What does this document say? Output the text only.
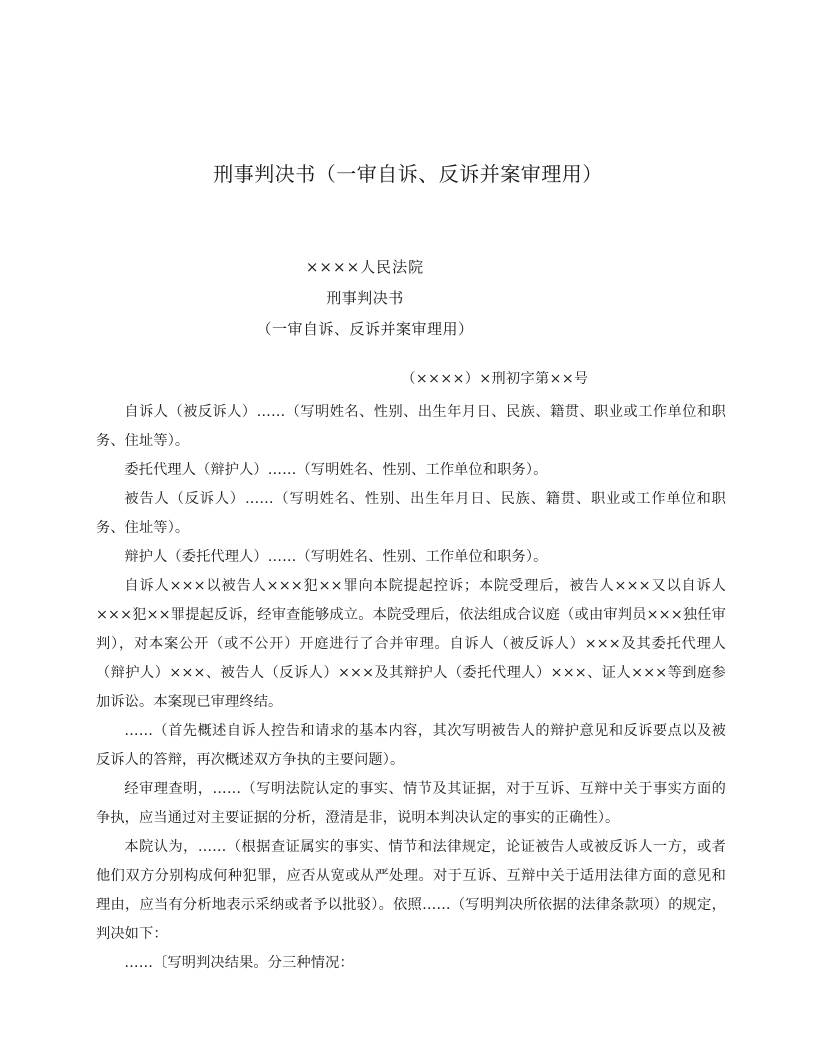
刑事判决书（一审自诉、反诉并案审理用）
××××人民法院
刑事判决书
（一审自诉、反诉并案审理用）
（××××）×刑初字第××号

自诉人（被反诉人）……（写明姓名、性别、出生年月日、民族、籍贯、职业或工作单位和职务、住址等）。

委托代理人（辩护人）……（写明姓名、性别、工作单位和职务）。

被告人（反诉人）……（写明姓名、性别、出生年月日、民族、籍贯、职业或工作单位和职务、住址等）。

辩护人（委托代理人）……（写明姓名、性别、工作单位和职务）。

自诉人×××以被告人×××犯××罪向本院提起控诉；本院受理后，被告人×××又以自诉人×××犯××罪提起反诉，经审查能够成立。本院受理后，依法组成合议庭（或由审判员×××独任审判），对本案公开（或不公开）开庭进行了合并审理。自诉人（被反诉人）×××及其委托代理人（辩护人）×××、被告人（反诉人）×××及其辩护人（委托代理人）×××、证人×××等到庭参加诉讼。本案现已审理终结。

……（首先概述自诉人控告和请求的基本内容，其次写明被告人的辩护意见和反诉要点以及被反诉人的答辩，再次概述双方争执的主要问题）。

经审理查明，……（写明法院认定的事实、情节及其证据，对于互诉、互辩中关于事实方面的争执，应当通过对主要证据的分析，澄清是非，说明本判决认定的事实的正确性）。

本院认为，……（根据查证属实的事实、情节和法律规定，论证被告人或被反诉人一方，或者他们双方分别构成何种犯罪，应否从宽或从严处理。对于互诉、互辩中关于适用法律方面的意见和理由，应当有分析地表示采纳或者予以批驳）。依照……（写明判决所依据的法律条款项）的规定，判决如下：

……〔写明判决结果。分三种情况：
